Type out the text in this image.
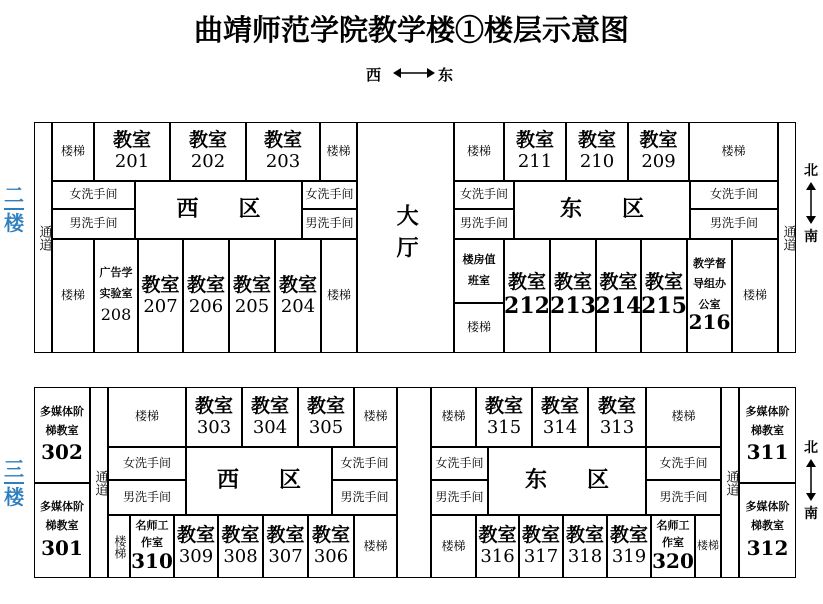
曲靖师范学院教学楼①楼层示意图
西	东
二
楼
通道	通道
楼梯	教室
201
教室
202
教室
203
楼梯
女洗手间
男洗手间
西区
女洗手间
男洗手间
楼梯
广告学
实验室
208
教室
207
教室
206
教室
205
教室
204
楼梯
大厅
楼梯	教室
211
教室
210
教室
209
楼梯
女洗手间
男洗手间
东区
女洗手间
男洗手间
楼房值
班室
楼梯
教室
212
教室
213
教室
214
教室
215
教学督
导组办
公室
216
楼梯
北
南
三
楼
多媒体阶
梯教室
302
多媒体阶
梯教室
301
通道
楼梯	教室
303
教室
304
教室
305
楼梯
女洗手间
男洗手间
西区
女洗手间
男洗手间
楼梯
名师工
作室
310
教室
309
教室
308
教室
307
教室
306
楼梯
楼梯	教室
315
教室
314
教室
313
楼梯
女洗手间
男洗手间
东区
女洗手间
男洗手间
楼梯 教室
316
教室
317
教室
318
教室
319
名师工
作室
320
楼梯
通道
多媒体阶
梯教室
311
多媒体阶
梯教室
312
北
南
